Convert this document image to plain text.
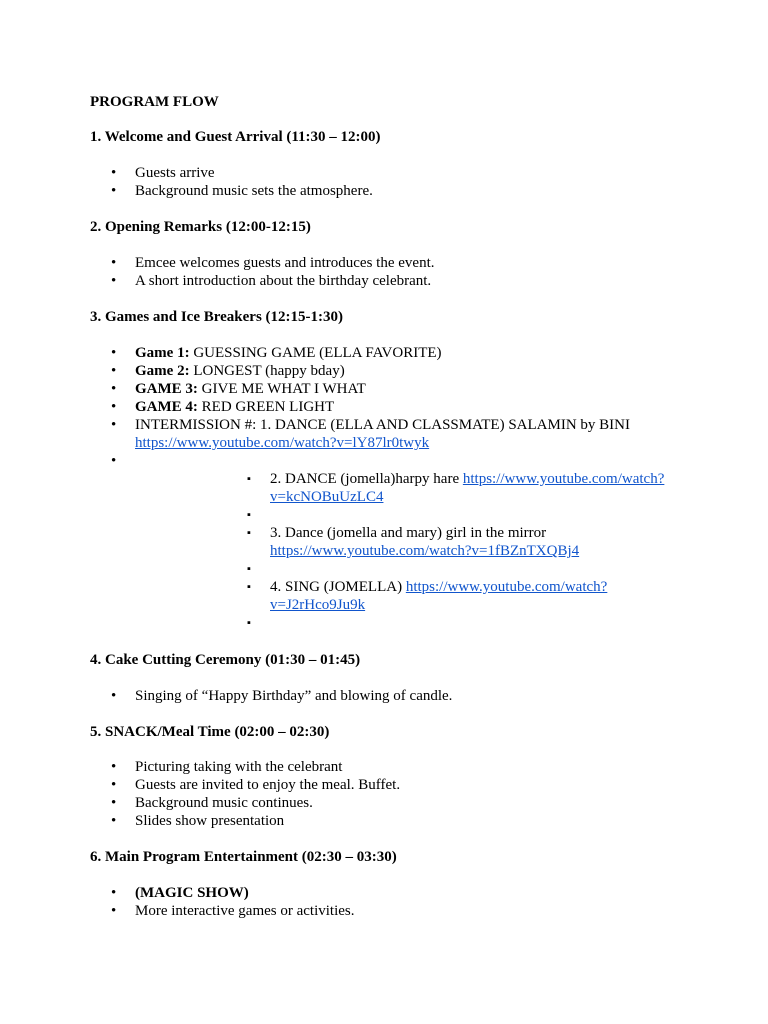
PROGRAM FLOW

1. Welcome and Guest Arrival (11:30 – 12:00)

•	Guests arrive
•	Background music sets the atmosphere.

2. Opening Remarks (12:00-12:15)

•	Emcee welcomes guests and introduces the event.
•	A short introduction about the birthday celebrant.

3. Games and Ice Breakers (12:15-1:30)

•	Game 1: GUESSING GAME (ELLA FAVORITE)
•	Game 2: LONGEST (happy bday)
•	GAME 3: GIVE ME WHAT I WHAT
•	GAME 4: RED GREEN LIGHT
•	INTERMISSION #: 1. DANCE (ELLA AND CLASSMATE) SALAMIN by BINI
https://www.youtube.com/watch?v=lY87lr0twyk
•
▪ 2. DANCE (jomella)harpy hare https://www.youtube.com/watch?
v=kcNOBuUzLC4
▪
▪ 3. Dance (jomella and mary) girl in the mirror
https://www.youtube.com/watch?v=1fBZnTXQBj4
▪
▪ 4. SING (JOMELLA) https://www.youtube.com/watch?
v=J2rHco9Ju9k
▪

4. Cake Cutting Ceremony (01:30 – 01:45)

•	Singing of “Happy Birthday” and blowing of candle.

5. SNACK/Meal Time (02:00 – 02:30)

•	Picturing taking with the celebrant
•	Guests are invited to enjoy the meal. Buffet.
•	Background music continues.
•	Slides show presentation

6. Main Program Entertainment (02:30 – 03:30)

•	(MAGIC SHOW)
•	More interactive games or activities.
